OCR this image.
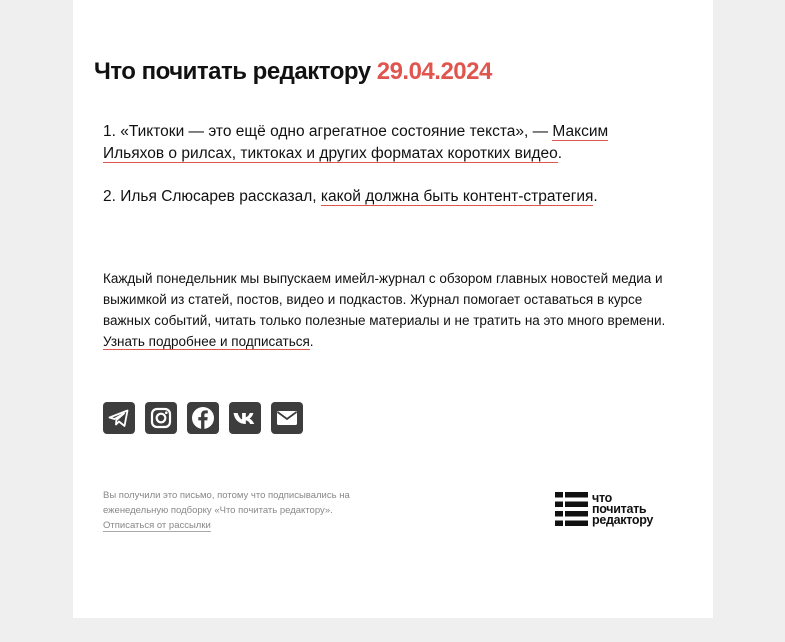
Что почитать редактору 29.04.2024

1. «Тиктоки — это ещё одно агрегатное состояние текста», — Максим Ильяхов о рилсах, тиктоках и других форматах коротких видео.

2. Илья Слюсарев рассказал, какой должна быть контент-стратегия.

Каждый понедельник мы выпускаем имейл-журнал с обзором главных новостей медиа и выжимкой из статей, постов, видео и подкастов. Журнал помогает оставаться в курсе важных событий, читать только полезные материалы и не тратить на это много времени. Узнать подробнее и подписаться.

Вы получили это письмо, потому что подписывались на еженедельную подборку «Что почитать редактору».
Отписаться от рассылки

что
почитать
редактору
